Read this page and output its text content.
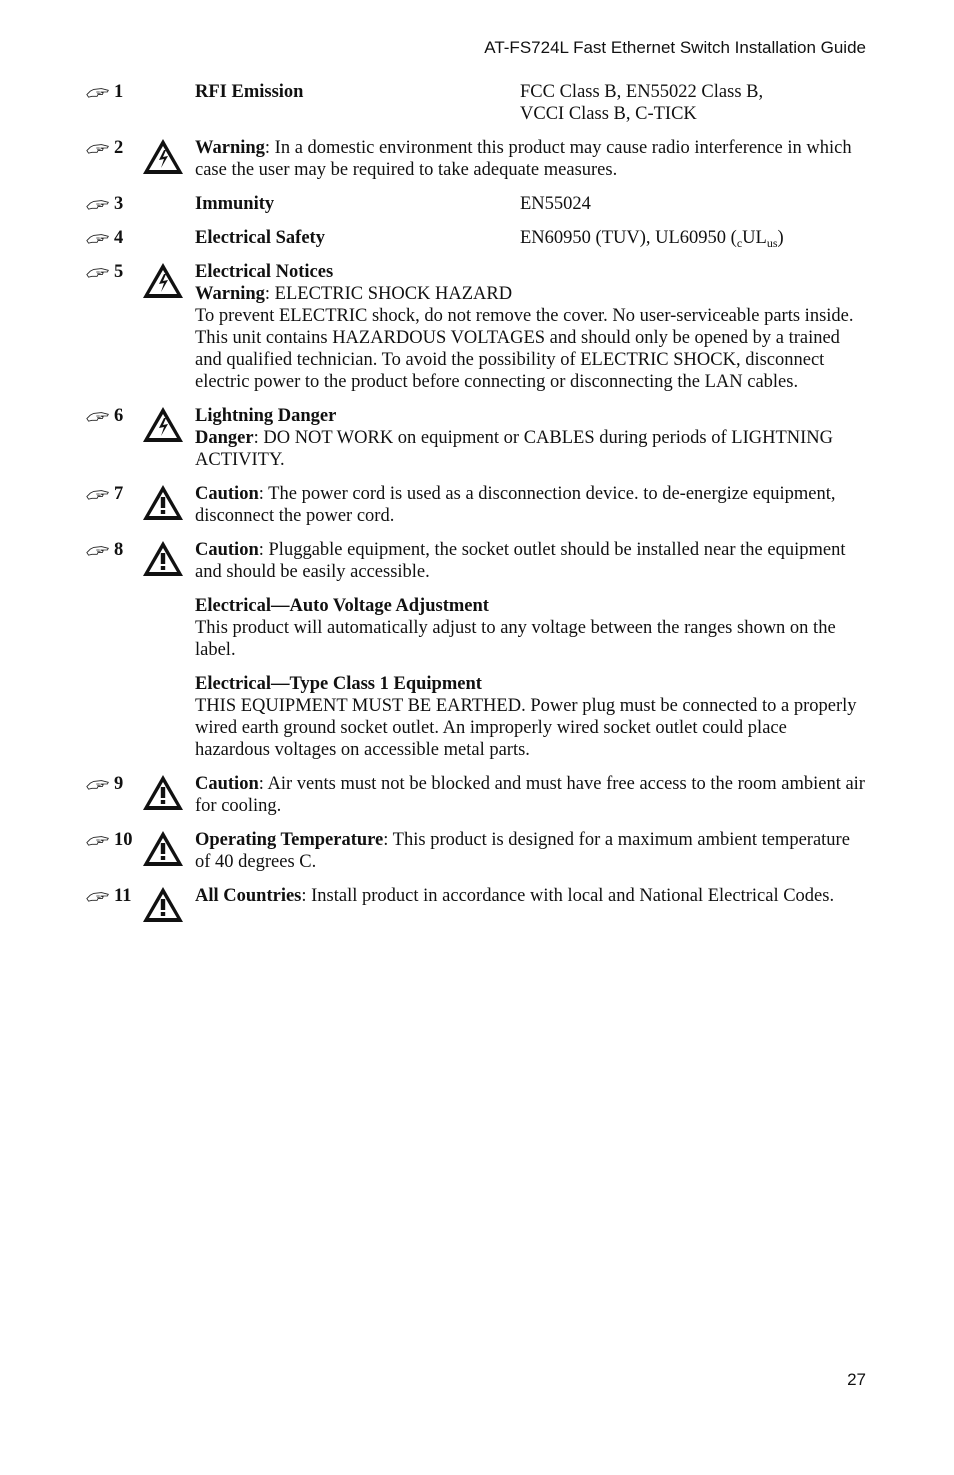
AT-FS724L Fast Ethernet Switch Installation Guide
1	RFI Emission	FCC Class B, EN55022 Class B,
VCCI Class B, C-TICK
2	Warning: In a domestic environment this product may cause radio interference in which case the user may be required to take adequate measures.
3	Immunity	EN55024
4	Electrical Safety	EN60950 (TUV), UL60950 $(_cUL_{us})$
5	Electrical Notices
Warning: ELECTRIC SHOCK HAZARD
To prevent ELECTRIC shock, do not remove the cover. No user-serviceable parts inside. This unit contains HAZARDOUS VOLTAGES and should only be opened by a trained and qualified technician. To avoid the possibility of ELECTRIC SHOCK, disconnect electric power to the product before connecting or disconnecting the LAN cables.
6	Lightning Danger
Danger: DO NOT WORK on equipment or CABLES during periods of LIGHTNING ACTIVITY.
7	Caution: The power cord is used as a disconnection device. to de-energize equipment, disconnect the power cord.
8	Caution: Pluggable equipment, the socket outlet should be installed near the equipment and should be easily accessible.
Electrical—Auto Voltage Adjustment
This product will automatically adjust to any voltage between the ranges shown on the label.
Electrical—Type Class 1 Equipment
THIS EQUIPMENT MUST BE EARTHED. Power plug must be connected to a properly wired earth ground socket outlet. An improperly wired socket outlet could place hazardous voltages on accessible metal parts.
9	Caution: Air vents must not be blocked and must have free access to the room ambient air for cooling.
10	Operating Temperature: This product is designed for a maximum ambient temperature of 40 degrees C.
11	All Countries: Install product in accordance with local and National Electrical Codes.
27
